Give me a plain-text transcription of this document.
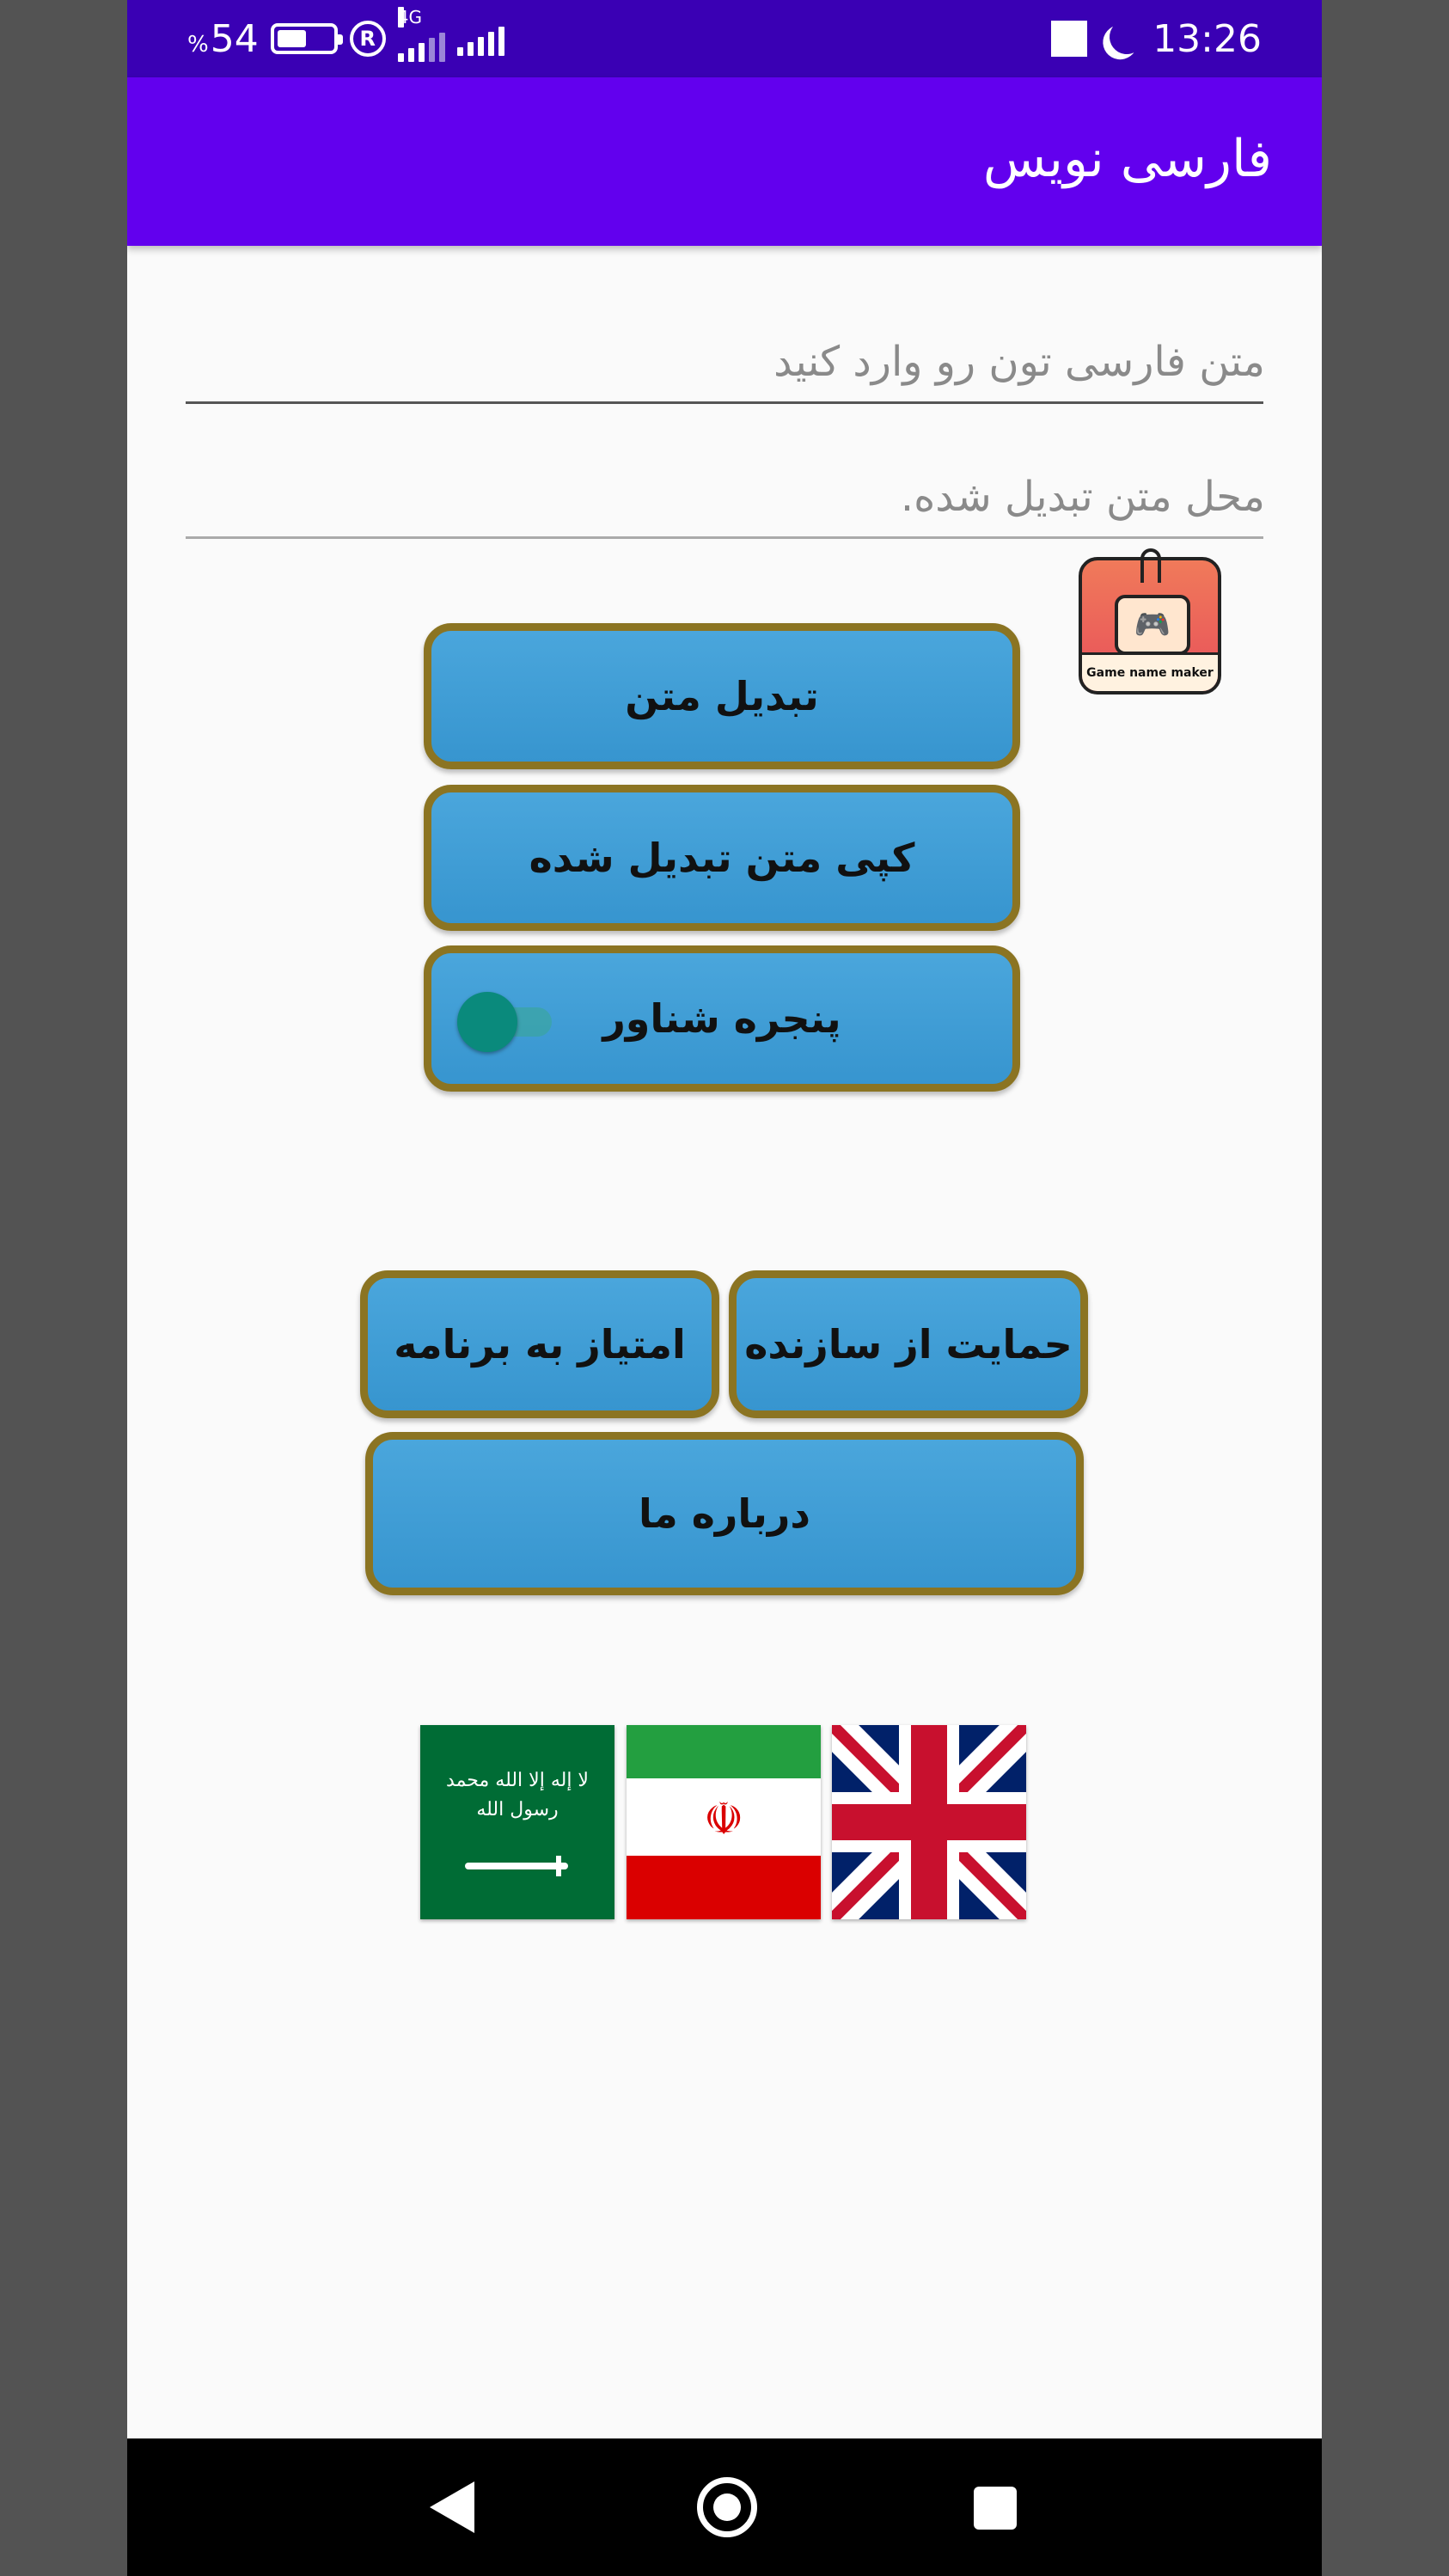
% 54	R
4G	13:26
فارسی نویس
متن فارسی تون رو وارد کنید
محل متن تبدیل شده.
🎮
Game name maker
تبدیل متن
کپی متن تبدیل شده
پنجره شناور
امتیاز به برنامه	حمایت از سازنده
درباره ما
لا إله إلا الله محمد رسول الله	☫
